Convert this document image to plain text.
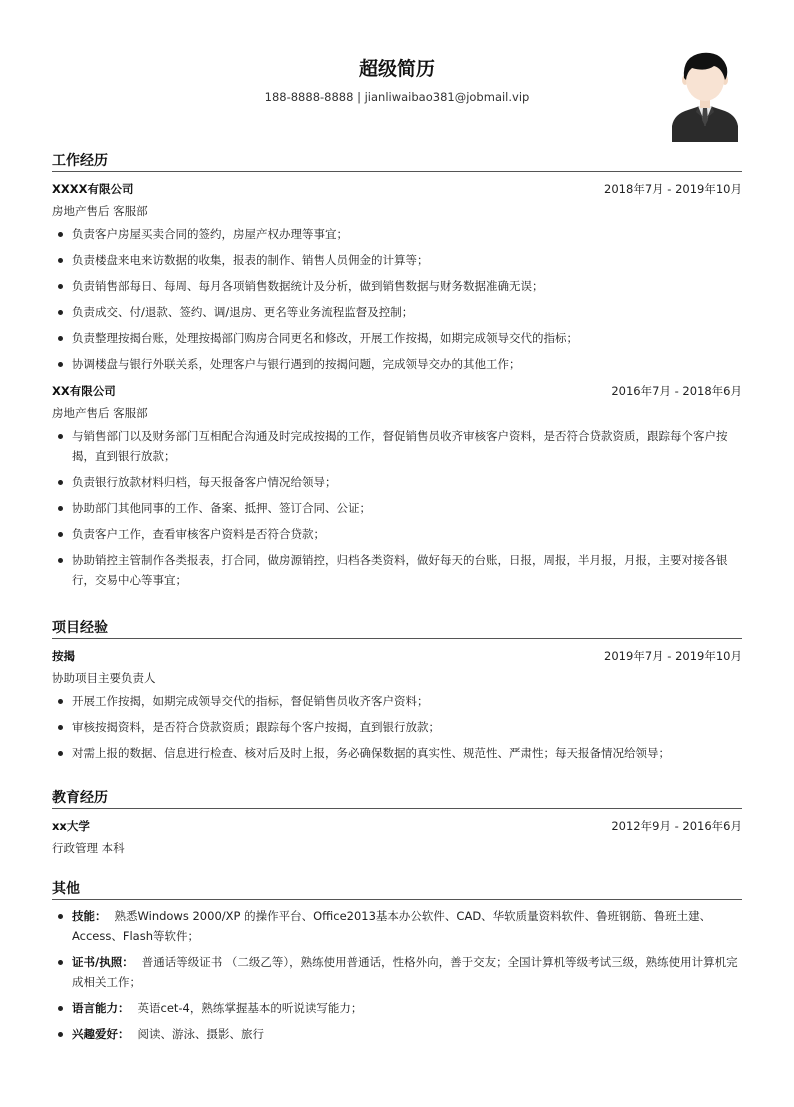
超级简历
188-8888-8888 | jianliwaibao381@jobmail.vip
工作经历
XXXX有限公司	2018年7月 - 2019年10月
房地产售后 客服部
负责客户房屋买卖合同的签约，房屋产权办理等事宜；
负责楼盘来电来访数据的收集，报表的制作、销售人员佣金的计算等；
负责销售部每日、每周、每月各项销售数据统计及分析，做到销售数据与财务数据准确无误；
负责成交、付/退款、签约、调/退房、更名等业务流程监督及控制；
负责整理按揭台账，处理按揭部门购房合同更名和修改，开展工作按揭，如期完成领导交代的指标；
协调楼盘与银行外联关系，处理客户与银行遇到的按揭问题，完成领导交办的其他工作；
XX有限公司	2016年7月 - 2018年6月
房地产售后 客服部
与销售部门以及财务部门互相配合沟通及时完成按揭的工作，督促销售员收齐审核客户资料，是否符合贷款资质，跟踪每个客户按揭，直到银行放款；
负责银行放款材料归档，每天报备客户情况给领导；
协助部门其他同事的工作、备案、抵押、签订合同、公证；
负责客户工作，查看审核客户资料是否符合贷款；
协助销控主管制作各类报表，打合同，做房源销控，归档各类资料，做好每天的台账，日报，周报，半月报，月报，主要对接各银行，交易中心等事宜；
项目经验
按揭	2019年7月 - 2019年10月
协助项目主要负责人
开展工作按揭，如期完成领导交代的指标，督促销售员收齐客户资料；
审核按揭资料，是否符合贷款资质；跟踪每个客户按揭，直到银行放款；
对需上报的数据、信息进行检查、核对后及时上报，务必确保数据的真实性、规范性、严肃性；每天报备情况给领导；
教育经历
xx大学	2012年9月 - 2016年6月
行政管理 本科
其他
技能： 熟悉Windows 2000/XP 的操作平台、Office2013基本办公软件、CAD、华软质量资料软件、鲁班钢筋、鲁班土建、Access、Flash等软件；
证书/执照： 普通话等级证书 （二级乙等），熟练使用普通话，性格外向，善于交友；全国计算机等级考试三级，熟练使用计算机完成相关工作；
语言能力： 英语cet-4，熟练掌握基本的听说读写能力；
兴趣爱好： 阅读、游泳、摄影、旅行
